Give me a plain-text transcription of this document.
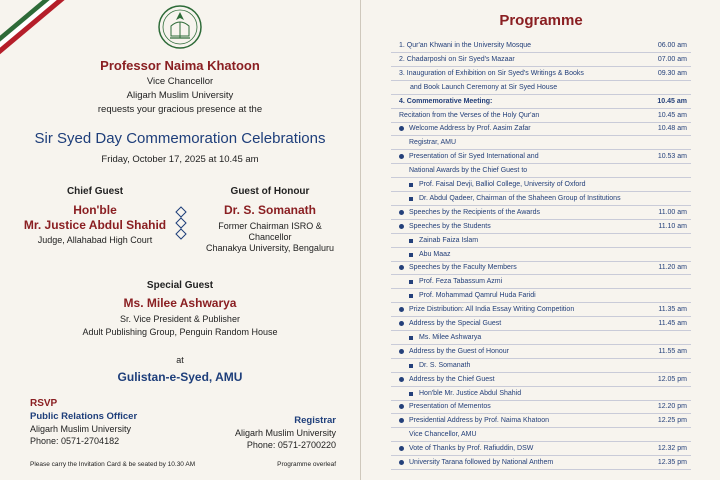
Professor Naima Khatoon
Vice Chancellor
Aligarh Muslim University
requests your gracious presence at the
Sir Syed Day Commemoration Celebrations
Friday, October 17, 2025 at 10.45 am
Chief Guest
Hon'ble
Mr. Justice Abdul Shahid
Judge, Allahabad High Court
Guest of Honour
Dr. S. Somanath
Former Chairman ISRO &
Chancellor
Chanakya University, Bengaluru
Special Guest
Ms. Milee Ashwarya
Sr. Vice President & Publisher
Adult Publishing Group, Penguin Random House
at
Gulistan-e-Syed, AMU
RSVP
Public Relations Officer
Aligarh Muslim University
Phone: 0571-2704182
Registrar
Aligarh Muslim University
Phone: 0571-2700220
Please carry the Invitation Card & be seated by 10.30 AM	Programme overleaf
Programme
1. Qur'an Khwani in the University Mosque	06.00 am
2. Chadarposhi on Sir Syed's Mazaar	07.00 am
3. Inauguration of Exhibition on Sir Syed's Writings & Books	09.30 am
and Book Launch Ceremony at Sir Syed House
4. Commemorative Meeting:	10.45 am
Recitation from the Verses of the Holy Qur'an	10.45 am
Welcome Address by Prof. Aasim Zafar	10.48 am
Registrar, AMU
Presentation of Sir Syed International and	10.53 am
National Awards by the Chief Guest to
Prof. Faisal Devji, Balliol College, University of Oxford
Dr. Abdul Qadeer, Chairman of the Shaheen Group of Institutions
Speeches by the Recipients of the Awards	11.00 am
Speeches by the Students	11.10 am
Zainab Faiza Islam
Abu Maaz
Speeches by the Faculty Members	11.20 am
Prof. Feza Tabassum Azmi
Prof. Mohammad Qamrul Huda Faridi
Prize Distribution: All India Essay Writing Competition	11.35 am
Address by the Special Guest	11.45 am
Ms. Milee Ashwarya
Address by the Guest of Honour	11.55 am
Dr. S. Somanath
Address by the Chief Guest	12.05 pm
Hon'ble Mr. Justice Abdul Shahid
Presentation of Mementos	12.20 pm
Presidential Address by Prof. Naima Khatoon	12.25 pm
Vice Chancellor, AMU
Vote of Thanks by Prof. Rafiuddin, DSW	12.32 pm
University Tarana followed by National Anthem	12.35 pm
